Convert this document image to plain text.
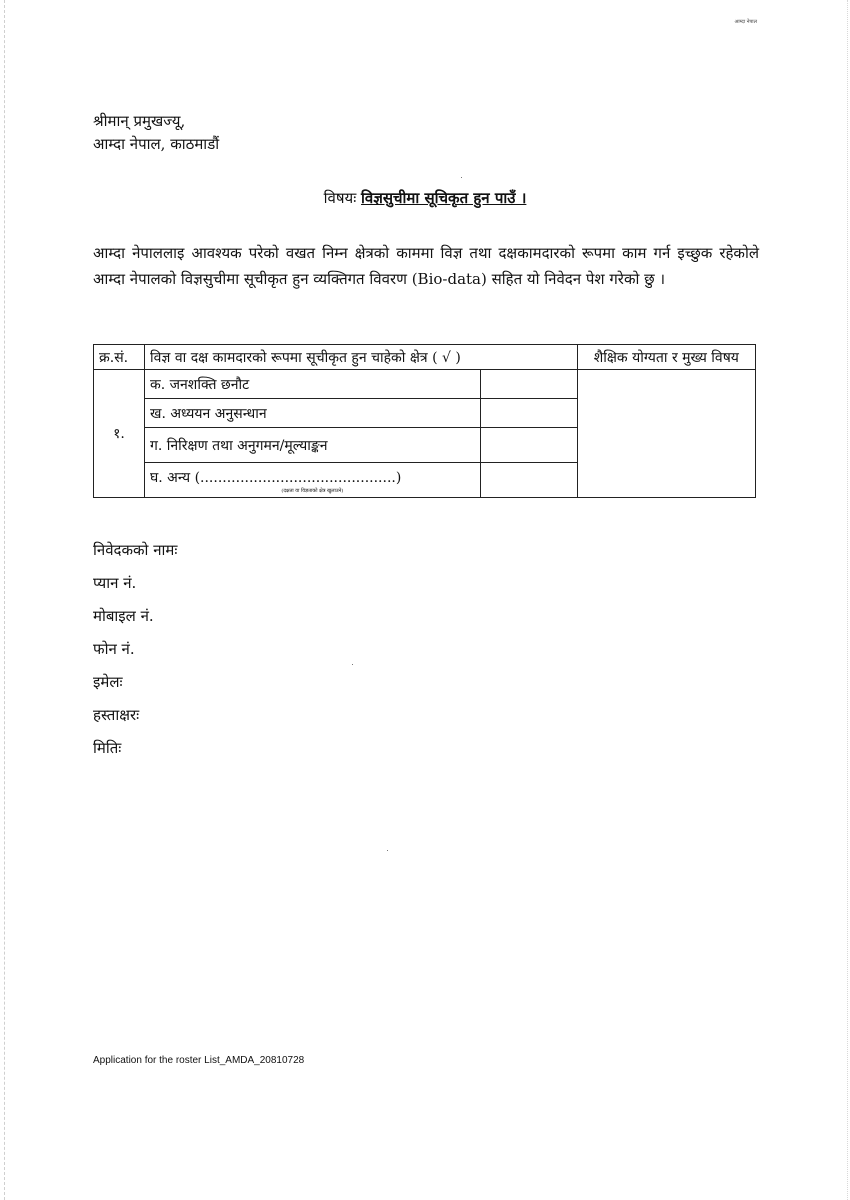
आम्दा नेपाल
श्रीमान् प्रमुखज्यू,
आम्दा नेपाल, काठमाडौं
विषयः विज्ञसुचीमा सूचिकृत हुन पाउँ ।
आम्दा नेपाललाइ आवश्यक परेको वखत निम्न क्षेत्रको काममा विज्ञ तथा दक्षकामदारको रूपमा काम गर्न इच्छुक रहेकोले आम्दा नेपालको विज्ञसुचीमा सूचीकृत हुन व्यक्तिगत विवरण (Bio-data) सहित यो निवेदन पेश गरेको छु ।
क्र.सं.	विज्ञ वा दक्ष कामदारको रूपमा सूचीकृत हुन चाहेको क्षेत्र ( √ )		शैक्षिक योग्यता र मुख्य विषय
१.	क. जनशक्ति छनौट		
	ख. अध्ययन अनुसन्धान		
	ग. निरिक्षण तथा अनुगमन/मूल्याङ्कन		
	घ. अन्य (............................................)
(दक्षता वा विज्ञताको क्षेत्र खुलाउने)		

निवेदकको नामः
प्यान नं.
मोबाइल नं.
फोन नं.
इमेलः
हस्ताक्षरः
मितिः
Application for the roster List_AMDA_20810728
